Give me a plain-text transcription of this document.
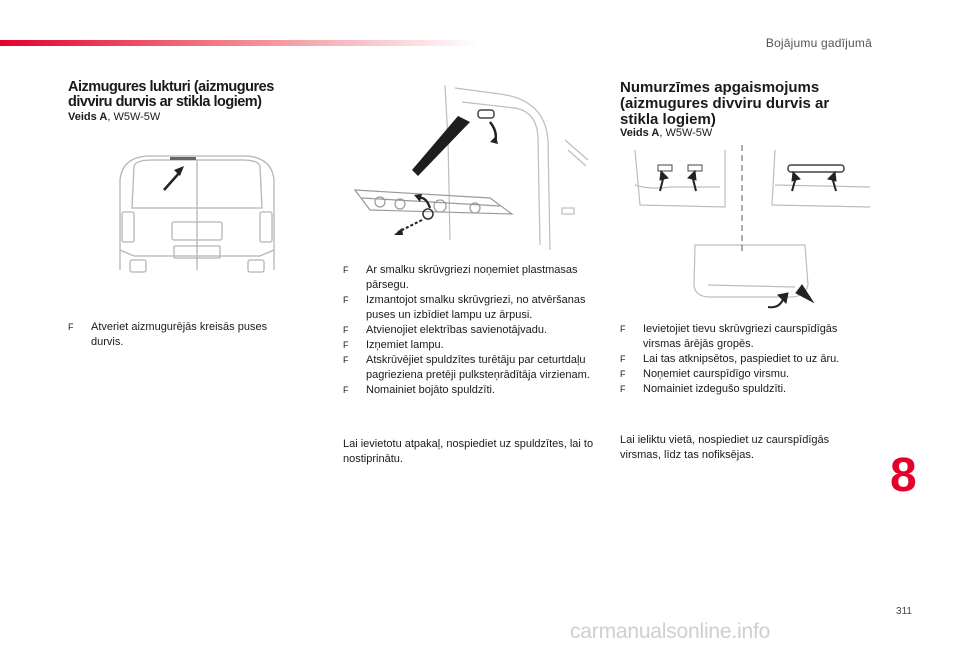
Bojājumu gadījumā
Aizmugures lukturi (aizmugures divviru durvis ar stikla logiem)
Veids A, W5W-5W
F Atveriet aizmugurējās kreisās puses durvis.
F Ar smalku skrūvgriezi noņemiet plastmasas pārsegu.
F Izmantojot smalku skrūvgriezi, no atvēršanas puses un izbīdiet lampu uz ārpusi.
F Atvienojiet elektrības savienotājvadu.
F Izņemiet lampu.
F Atskrūvējiet spuldzītes turētāju par ceturtdaļu pagrieziena pretēji pulksteņrādītāja virzienam.
F Nomainiet bojāto spuldzīti.

Lai ievietotu atpakaļ, nospiediet uz spuldzītes, lai to nostiprinātu.

Numurzīmes apgaismojums (aizmugures divviru durvis ar stikla logiem)
Veids A, W5W-5W
F Ievietojiet tievu skrūvgriezi caurspīdīgās virsmas ārējās gropēs.
F Lai tas atknipsētos, paspiediet to uz āru.
F Noņemiet caurspīdīgo virsmu.
F Nomainiet izdegušo spuldzīti.

Lai ieliktu vietā, nospiediet uz caurspīdīgās virsmas, līdz tas nofiksējas.	8
311
carmanualsonline.info
